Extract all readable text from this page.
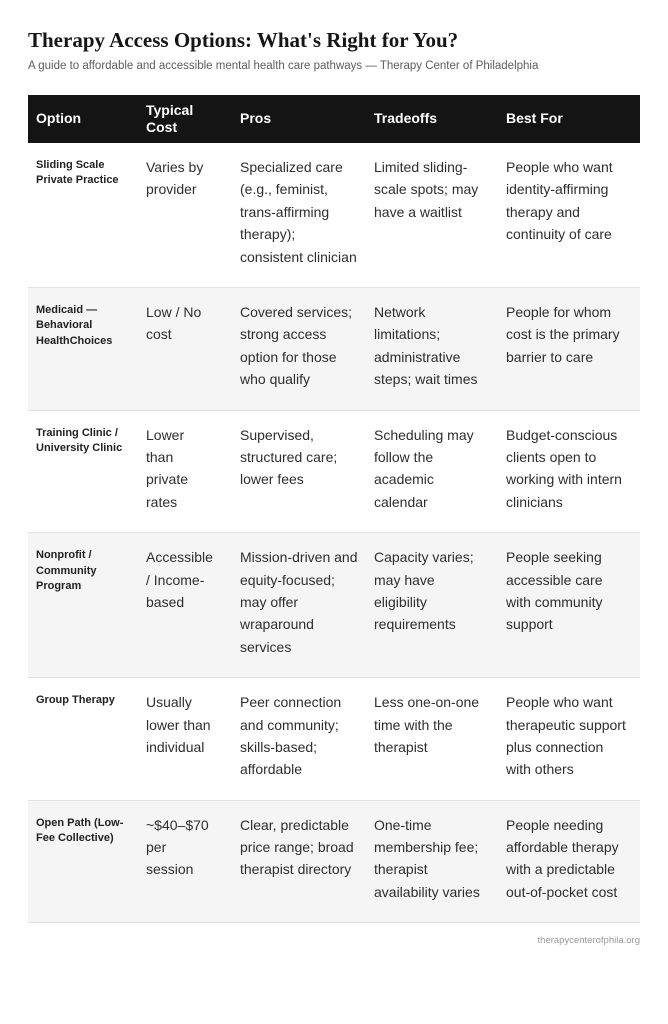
Therapy Access Options: What's Right for You?

A guide to affordable and accessible mental health care pathways — Therapy Center of Philadelphia

Option	Typical Cost	Pros	Tradeoffs	Best For
Sliding Scale Private Practice	Varies by provider	Specialized care (e.g., feminist, trans-affirming therapy); consistent clinician	Limited sliding-scale spots; may have a waitlist	People who want identity-affirming therapy and continuity of care
Medicaid — Behavioral HealthChoices	Low / No cost	Covered services; strong access option for those who qualify	Network limitations; administrative steps; wait times	People for whom cost is the primary barrier to care
Training Clinic / University Clinic	Lower than private rates	Supervised, structured care; lower fees	Scheduling may follow the academic calendar	Budget-conscious clients open to working with intern clinicians
Nonprofit / Community Program	Accessible / Income-based	Mission-driven and equity-focused; may offer wraparound services	Capacity varies; may have eligibility requirements	People seeking accessible care with community support
Group Therapy	Usually lower than individual	Peer connection and community; skills-based; affordable	Less one-on-one time with the therapist	People who want therapeutic support plus connection with others
Open Path (Low-Fee Collective)	~$40–$70 per session	Clear, predictable price range; broad therapist directory	One-time membership fee; therapist availability varies	People needing affordable therapy with a predictable out-of-pocket cost
therapycenterofphila.org
